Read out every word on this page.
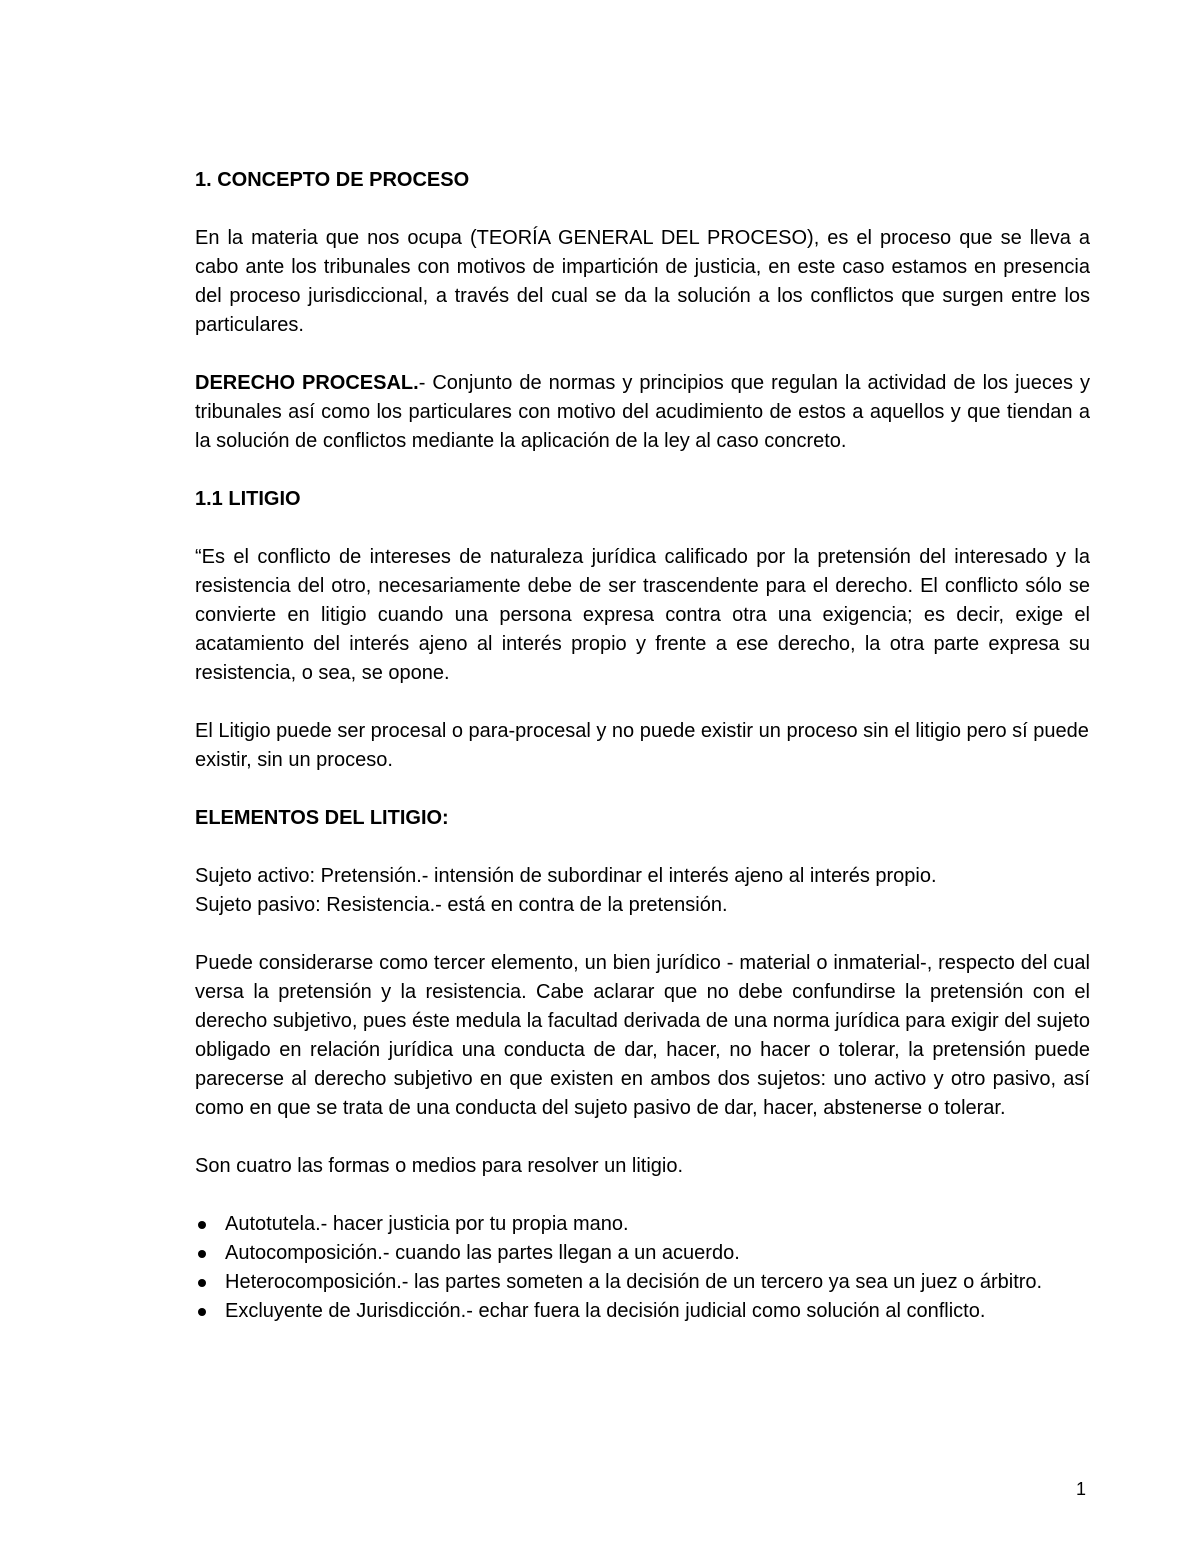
1. CONCEPTO DE PROCESO

En la materia que nos ocupa (TEORÍA GENERAL DEL PROCESO), es el proceso que se lleva a cabo ante los tribunales con motivos de impartición de justicia, en este caso estamos en presencia del proceso jurisdiccional, a través del cual se da la solución a los conflictos que surgen entre los particulares.

DERECHO PROCESAL.- Conjunto de normas y principios que regulan la actividad de los jueces y tribunales así como los particulares con motivo del acudimiento de estos a aquellos y que tiendan a la solución de conflictos mediante la aplicación de la ley al caso concreto.

1.1 LITIGIO

“Es el conflicto de intereses de naturaleza jurídica calificado por la pretensión del interesado y la resistencia del otro, necesariamente debe de ser trascendente para el derecho. El conflicto sólo se convierte en litigio cuando una persona expresa contra otra una exigencia; es decir, exige el acatamiento del interés ajeno al interés propio y frente a ese derecho, la otra parte expresa su resistencia, o sea, se opone.

El Litigio puede ser procesal o para-procesal y no puede existir un proceso sin el litigio pero sí puede existir, sin un proceso.

ELEMENTOS DEL LITIGIO:
Sujeto activo: Pretensión.- intensión de subordinar el interés ajeno al interés propio.
Sujeto pasivo: Resistencia.- está en contra de la pretensión.

Puede considerarse como tercer elemento, un bien jurídico - material o inmaterial-, respecto del cual versa la pretensión y la resistencia. Cabe aclarar que no debe confundirse la pretensión con el derecho subjetivo, pues éste medula la facultad derivada de una norma jurídica para exigir del sujeto obligado en relación jurídica una conducta de dar, hacer, no hacer o tolerar, la pretensión puede parecerse al derecho subjetivo en que existen en ambos dos sujetos: uno activo y otro pasivo, así como en que se trata de una conducta del sujeto pasivo de dar, hacer, abstenerse o tolerar.

Son cuatro las formas o medios para resolver un litigio.

Autotutela.- hacer justicia por tu propia mano.
Autocomposición.- cuando las partes llegan a un acuerdo.
Heterocomposición.- las partes someten a la decisión de un tercero ya sea un juez o árbitro.
Excluyente de Jurisdicción.- echar fuera la decisión judicial como solución al conflicto.
1
